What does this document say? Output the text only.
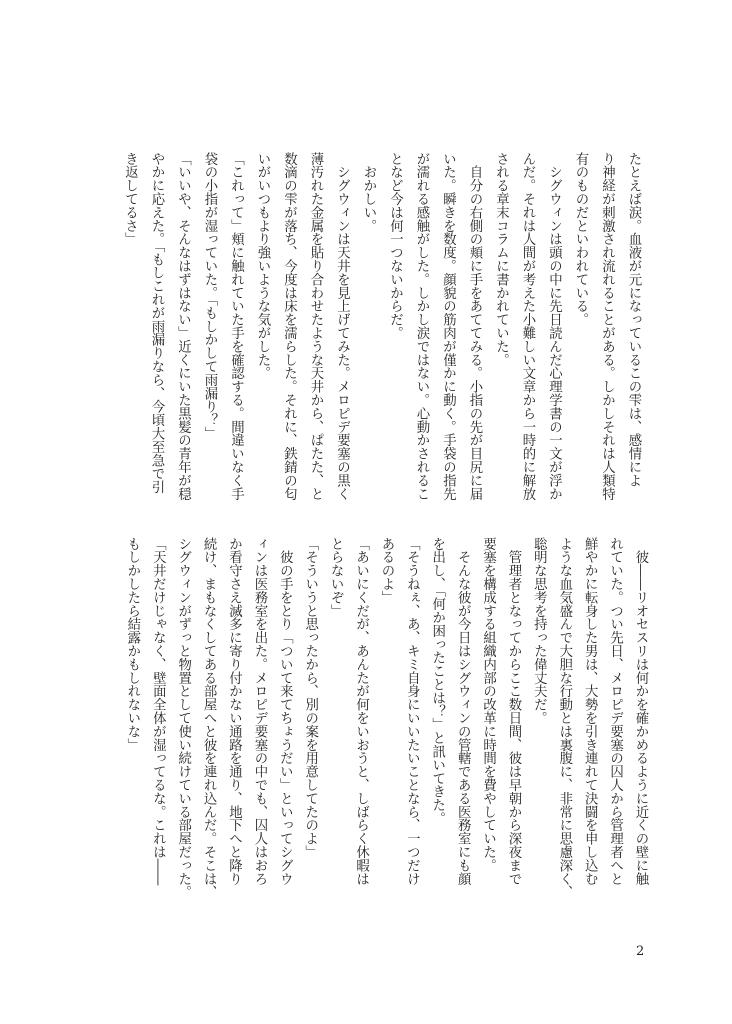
たとえば涙。血液が元になっているこの雫は、感情によ
り神経が刺激され流れることがある。しかしそれは人類特
有のものだといわれている。
　シグウィンは頭の中に先日読んだ心理学書の一文が浮か
んだ。それは人間が考えた小難しい文章から一時的に解放
される章末コラムに書かれていた。
　自分の右側の頬に手をあててみる。小指の先が目尻に届
いた。瞬きを数度。顔貌の筋肉が僅かに動く。手袋の指先
が濡れる感触がした。しかし涙ではない。心動かされるこ
となど今は何一つないからだ。
　おかしい。
　シグウィンは天井を見上げてみた。メロピデ要塞の黒く
薄汚れた金属を貼り合わせたような天井から、ぱたた、と
数滴の雫が落ち、今度は床を濡らした。それに、鉄錆の匂
いがいつもより強いような気がした。
「これって」頬に触れていた手を確認する。間違いなく手
袋の小指が湿っていた。「もしかして雨漏り？」
「いいや、そんなはずはない」近くにいた黒髪の青年が穏
やかに応えた。「もしこれが雨漏りなら、今頃大至急で引
き返してるさ」
　彼――リオセスリは何かを確かめるように近くの壁に触
れていた。つい先日、メロピデ要塞の囚人から管理者へと
鮮やかに転身した男は、大勢を引き連れて決闘を申し込む
ような血気盛んで大胆な行動とは裏腹に、非常に思慮深く、
聡明な思考を持った偉丈夫だ。
　管理者となってからここ数日間、彼は早朝から深夜まで
要塞を構成する組織内部の改革に時間を費やしていた。
　そんな彼が今日はシグウィンの管轄である医務室にも顔
を出し、「何か困ったことは？」と訊いてきた。
「そうねぇ、あ、キミ自身にいいたいことなら、一つだけ
あるのよ」
「あいにくだが、あんたが何をいおうと、しばらく休暇は
とらないぞ」
「そういうと思ったから、別の案を用意してたのよ」
　彼の手をとり「ついて来てちょうだい」といってシグウ
ィンは医務室を出た。メロピデ要塞の中でも、囚人はおろ
か看守さえ滅多に寄り付かない通路を通り、地下へと降り
続け、まもなくしてある部屋へと彼を連れ込んだ。そこは、
シグウィンがずっと物置として使い続けている部屋だった。
「天井だけじゃなく、壁面全体が湿ってるな。これは――
もしかしたら結露かもしれないな」
2
